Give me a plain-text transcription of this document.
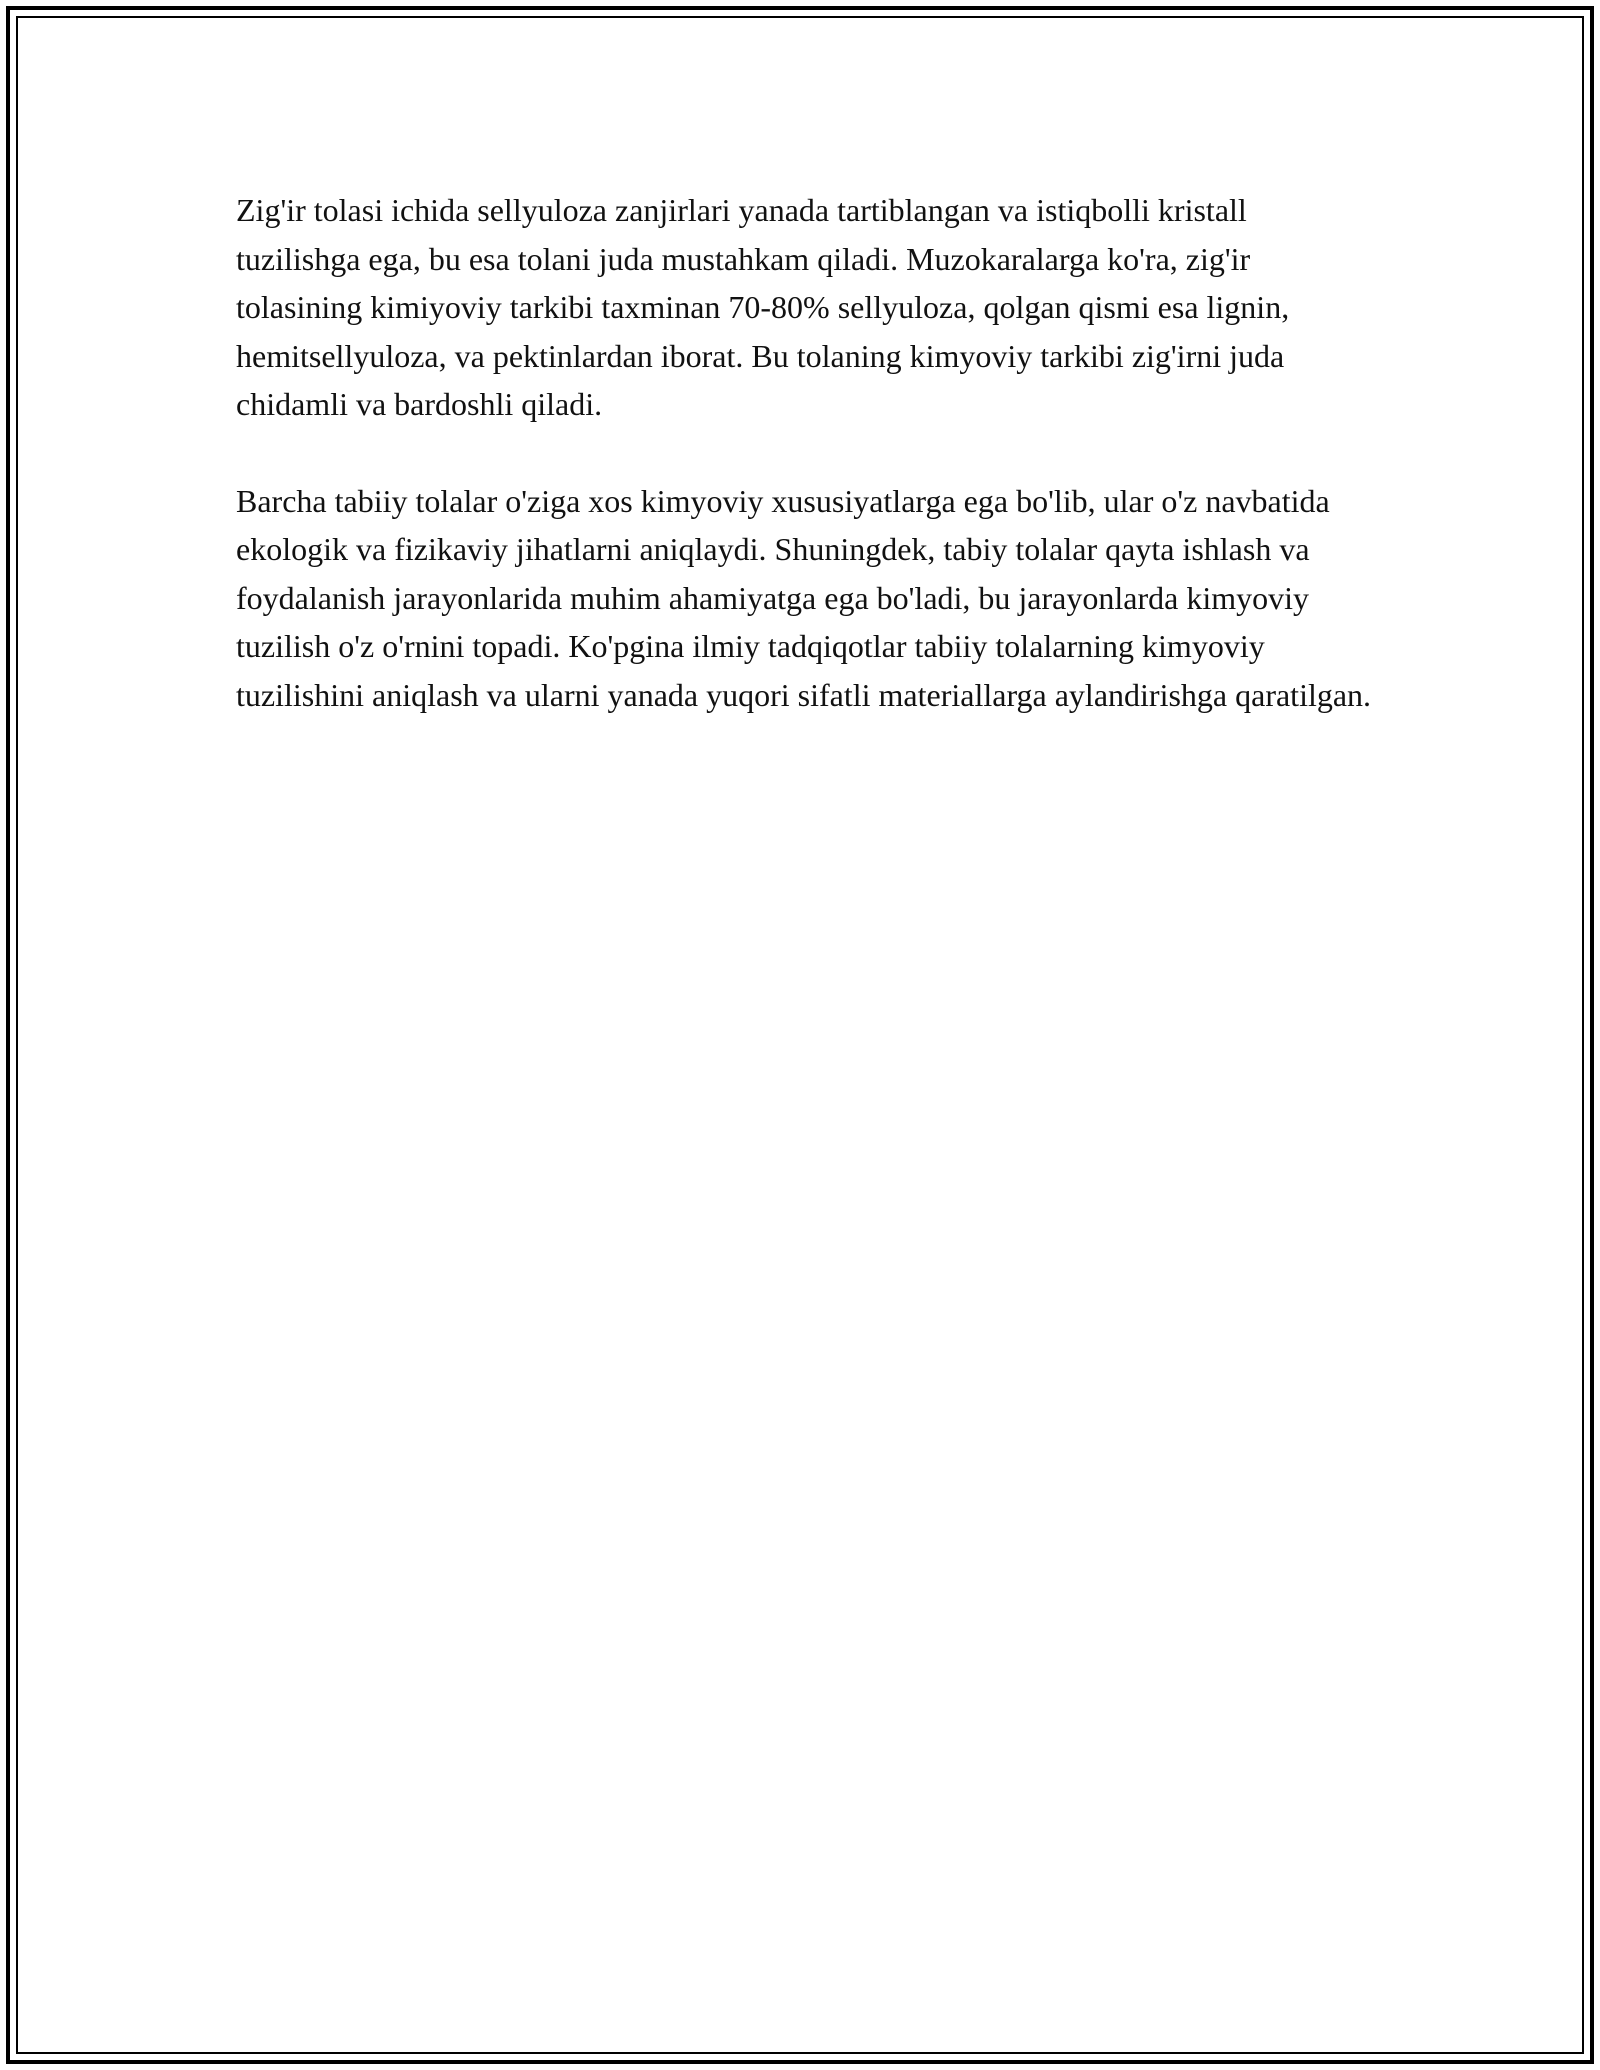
Zig'ir tolasi ichida sellyuloza zanjirlari yanada tartiblangan va istiqbolli kristall tuzilishga ega, bu esa tolani juda mustahkam qiladi. Muzokaralarga ko'ra, zig'ir tolasining kimiyoviy tarkibi taxminan 70-80% sellyuloza, qolgan qismi esa lignin, hemitsellyuloza, va pektinlardan iborat. Bu tolaning kimyoviy tarkibi zig'irni juda chidamli va bardoshli qiladi.

Barcha tabiiy tolalar o'ziga xos kimyoviy xususiyatlarga ega bo'lib, ular o'z navbatida ekologik va fizikaviy jihatlarni aniqlaydi. Shuningdek, tabiy tolalar qayta ishlash va foydalanish jarayonlarida muhim ahamiyatga ega bo'ladi, bu jarayonlarda kimyoviy tuzilish o'z o'rnini topadi. Ko'pgina ilmiy tadqiqotlar tabiiy tolalarning kimyoviy tuzilishini aniqlash va ularni yanada yuqori sifatli materiallarga aylandirishga qaratilgan.
